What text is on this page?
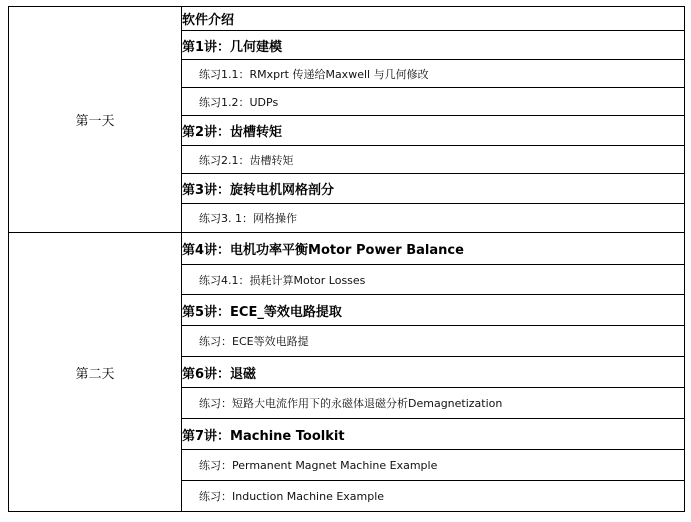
第一天	软件介绍
	第1讲：几何建模
	练习1.1：RMxprt 传递给Maxwell 与几何修改
	练习1.2：UDPs
	第2讲：齿槽转矩
	练习2.1：齿槽转矩
	第3讲：旋转电机网格剖分
	练习3. 1：网格操作
第二天	第4讲：电机功率平衡Motor Power Balance
	练习4.1：损耗计算Motor Losses
	第5讲：ECE_等效电路提取
	练习：ECE等效电路提
	第6讲：退磁
	练习：短路大电流作用下的永磁体退磁分析Demagnetization
	第7讲：Machine Toolkit
	练习：Permanent Magnet Machine Example
	练习：Induction Machine Example
